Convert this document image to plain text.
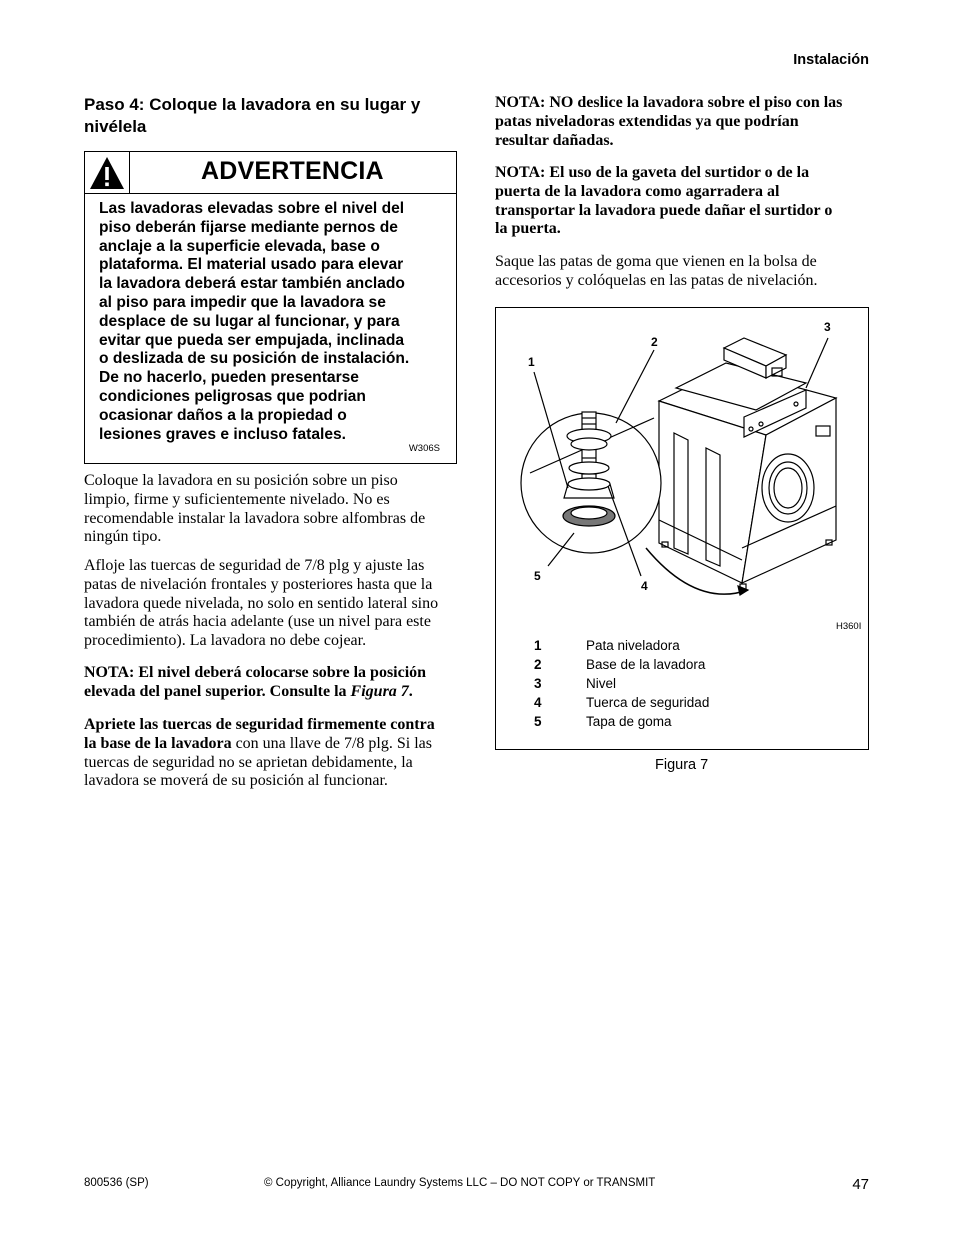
Instalación
Paso 4: Coloque la lavadora en su lugar y nivélela
ADVERTENCIA
Las lavadoras elevadas sobre el nivel del
piso deberán fijarse mediante pernos de
anclaje a la superficie elevada, base o
plataforma. El material usado para elevar
la lavadora deberá estar también anclado
al piso para impedir que la lavadora se
desplace de su lugar al funcionar, y para
evitar que pueda ser empujada, inclinada
o deslizada de su posición de instalación.
De no hacerlo, pueden presentarse
condiciones peligrosas que podrian
ocasionar daños a la propiedad o
lesiones graves e incluso fatales.
W306S
Coloque la lavadora en su posición sobre un piso
limpio, firme y suficientemente nivelado. No es
recomendable instalar la lavadora sobre alfombras de
ningún tipo.
Afloje las tuercas de seguridad de 7/8 plg y ajuste las
patas de nivelación frontales y posteriores hasta que la
lavadora quede nivelada, no solo en sentido lateral sino
también de atrás hacia adelante (use un nivel para este
procedimiento). La lavadora no debe cojear.
NOTA: El nivel deberá colocarse sobre la posición
elevada del panel superior. Consulte la Figura 7.
Apriete las tuercas de seguridad firmemente contra
la base de la lavadora con una llave de 7/8 plg. Si las
tuercas de seguridad no se aprietan debidamente, la
lavadora se moverá de su posición al funcionar.
NOTA: NO deslice la lavadora sobre el piso con las
patas niveladoras extendidas ya que podrían
resultar dañadas.
NOTA: El uso de la gaveta del surtidor o de la
puerta de la lavadora como agarradera al
transportar la lavadora puede dañar el surtidor o
la puerta.
Saque las patas de goma que vienen en la bolsa de
accesorios y colóquelas en las patas de nivelación.
1
2
3
4
5
H360I
1	Pata niveladora
2	Base de la lavadora
3	Nivel
4	Tuerca de seguridad
5	Tapa de goma
Figura 7
800536 (SP)	© Copyright, Alliance Laundry Systems LLC – DO NOT COPY or TRANSMIT	47
